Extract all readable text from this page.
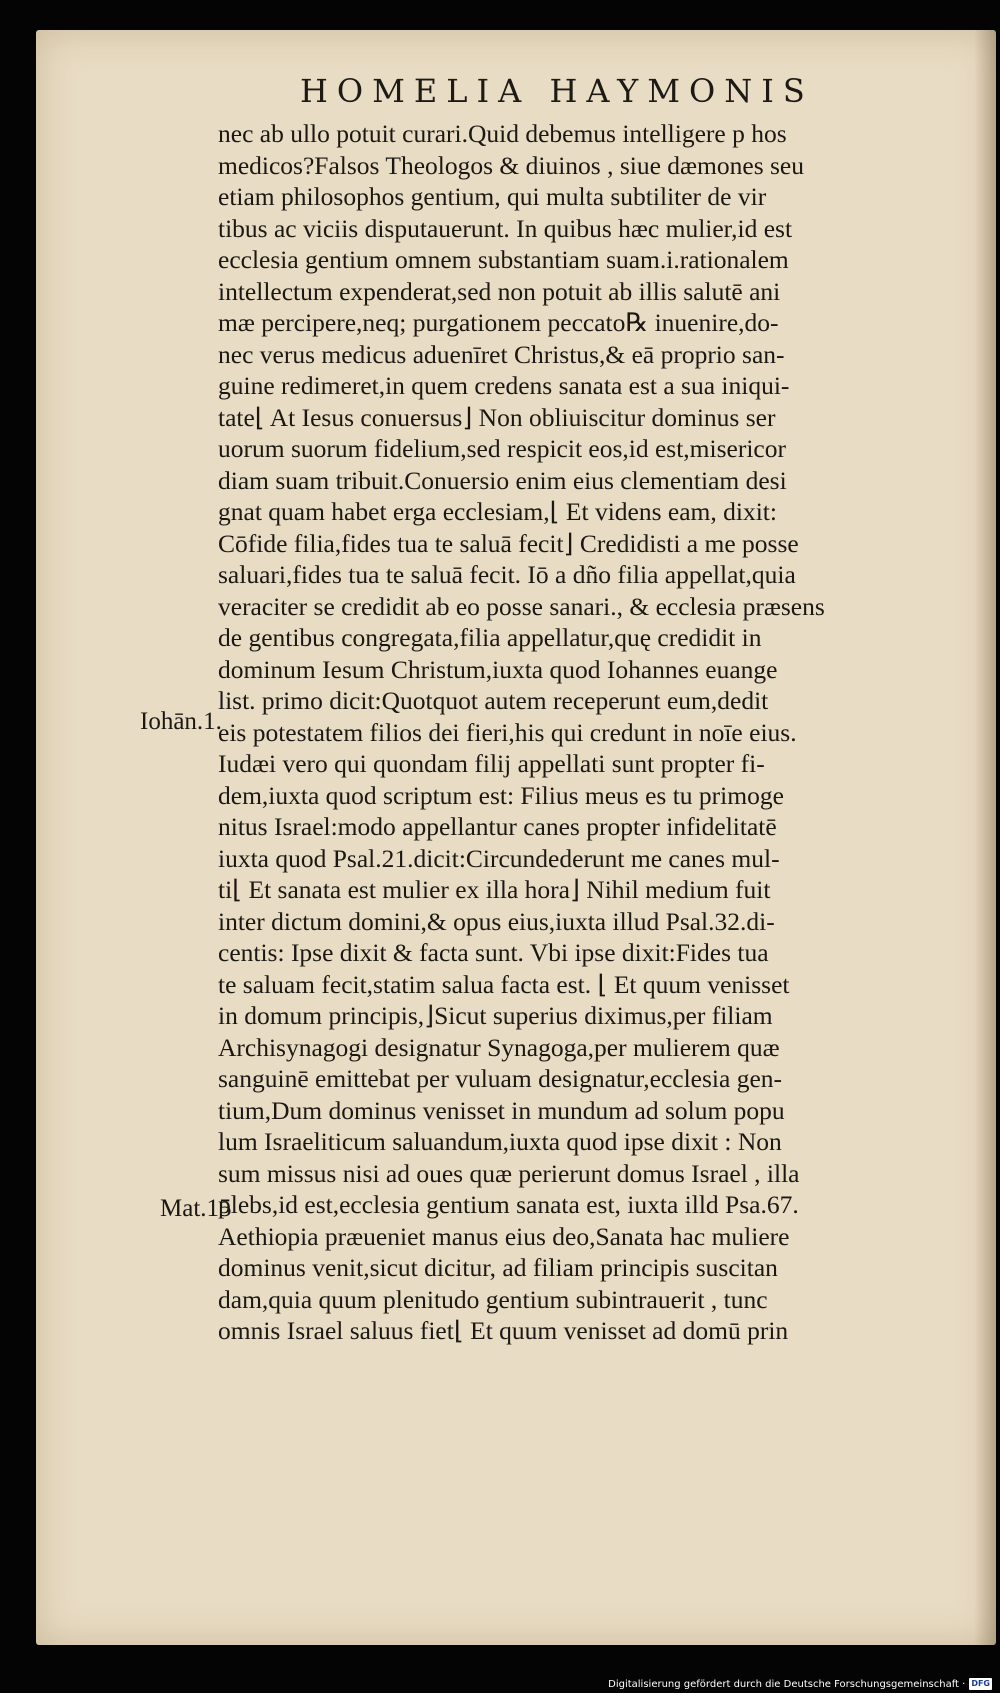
HOMELIA HAYMONIS
Iohān.1.
Mat.15
nec ab ullo potuit curari.Quid debemus intelligere p hos
medicos?Falsos Theologos & diuinos , siue dæmones seu
etiam philosophos gentium, qui multa subtiliter de vir
tibus ac viciis disputauerunt. In quibus hæc mulier,id est
ecclesia gentium omnem substantiam suam.i.rationalem
intellectum expenderat,sed non potuit ab illis salutē ani
mæ percipere,neq; purgationem peccato℞ inuenire,do-
nec verus medicus aduenīret Christus,& eā proprio san-
guine redimeret,in quem credens sanata est a sua iniqui-
tate⌊ At Iesus conuersus⌋ Non obliuiscitur dominus ser
uorum suorum fidelium,sed respicit eos,id est,misericor
diam suam tribuit.Conuersio enim eius clementiam desi
gnat quam habet erga ecclesiam,⌊ Et videns eam, dixit:
Cōfide filia,fides tua te saluā fecit⌋ Credidisti a me posse
saluari,fides tua te saluā fecit. Iō a dño filia appellat,quia
veraciter se credidit ab eo posse sanari., & ecclesia præsens
de gentibus congregata,filia appellatur,quę credidit in
dominum Iesum Christum,iuxta quod Iohannes euange
list. primo dicit:Quotquot autem receperunt eum,dedit
eis potestatem filios dei fieri,his qui credunt in noīe eius.
Iudæi vero qui quondam filij appellati sunt propter fi-
dem,iuxta quod scriptum est: Filius meus es tu primoge
nitus Israel:modo appellantur canes propter infidelitatē
iuxta quod Psal.21.dicit:Circundederunt me canes mul-
ti⌊ Et sanata est mulier ex illa hora⌋ Nihil medium fuit
inter dictum domini,& opus eius,iuxta illud Psal.32.di-
centis: Ipse dixit & facta sunt. Vbi ipse dixit:Fides tua
te saluam fecit,statim salua facta est. ⌊ Et quum venisset
in domum principis,⌋Sicut superius diximus,per filiam
Archisynagogi designatur Synagoga,per mulierem quæ
sanguinē emittebat per vuluam designatur,ecclesia gen-
tium,Dum dominus venisset in mundum ad solum popu
lum Israeliticum saluandum,iuxta quod ipse dixit : Non
sum missus nisi ad oues quæ perierunt domus Israel , illa
plebs,id est,ecclesia gentium sanata est, iuxta illd Psa.67.
Aethiopia præueniet manus eius deo,Sanata hac muliere
dominus venit,sicut dicitur, ad filiam principis suscitan
dam,quia quum plenitudo gentium subintrauerit , tunc
omnis Israel saluus fiet⌊ Et quum venisset ad domū prin
Digitalisierung gefördert durch die Deutsche Forschungsgemeinschaft · DFG
